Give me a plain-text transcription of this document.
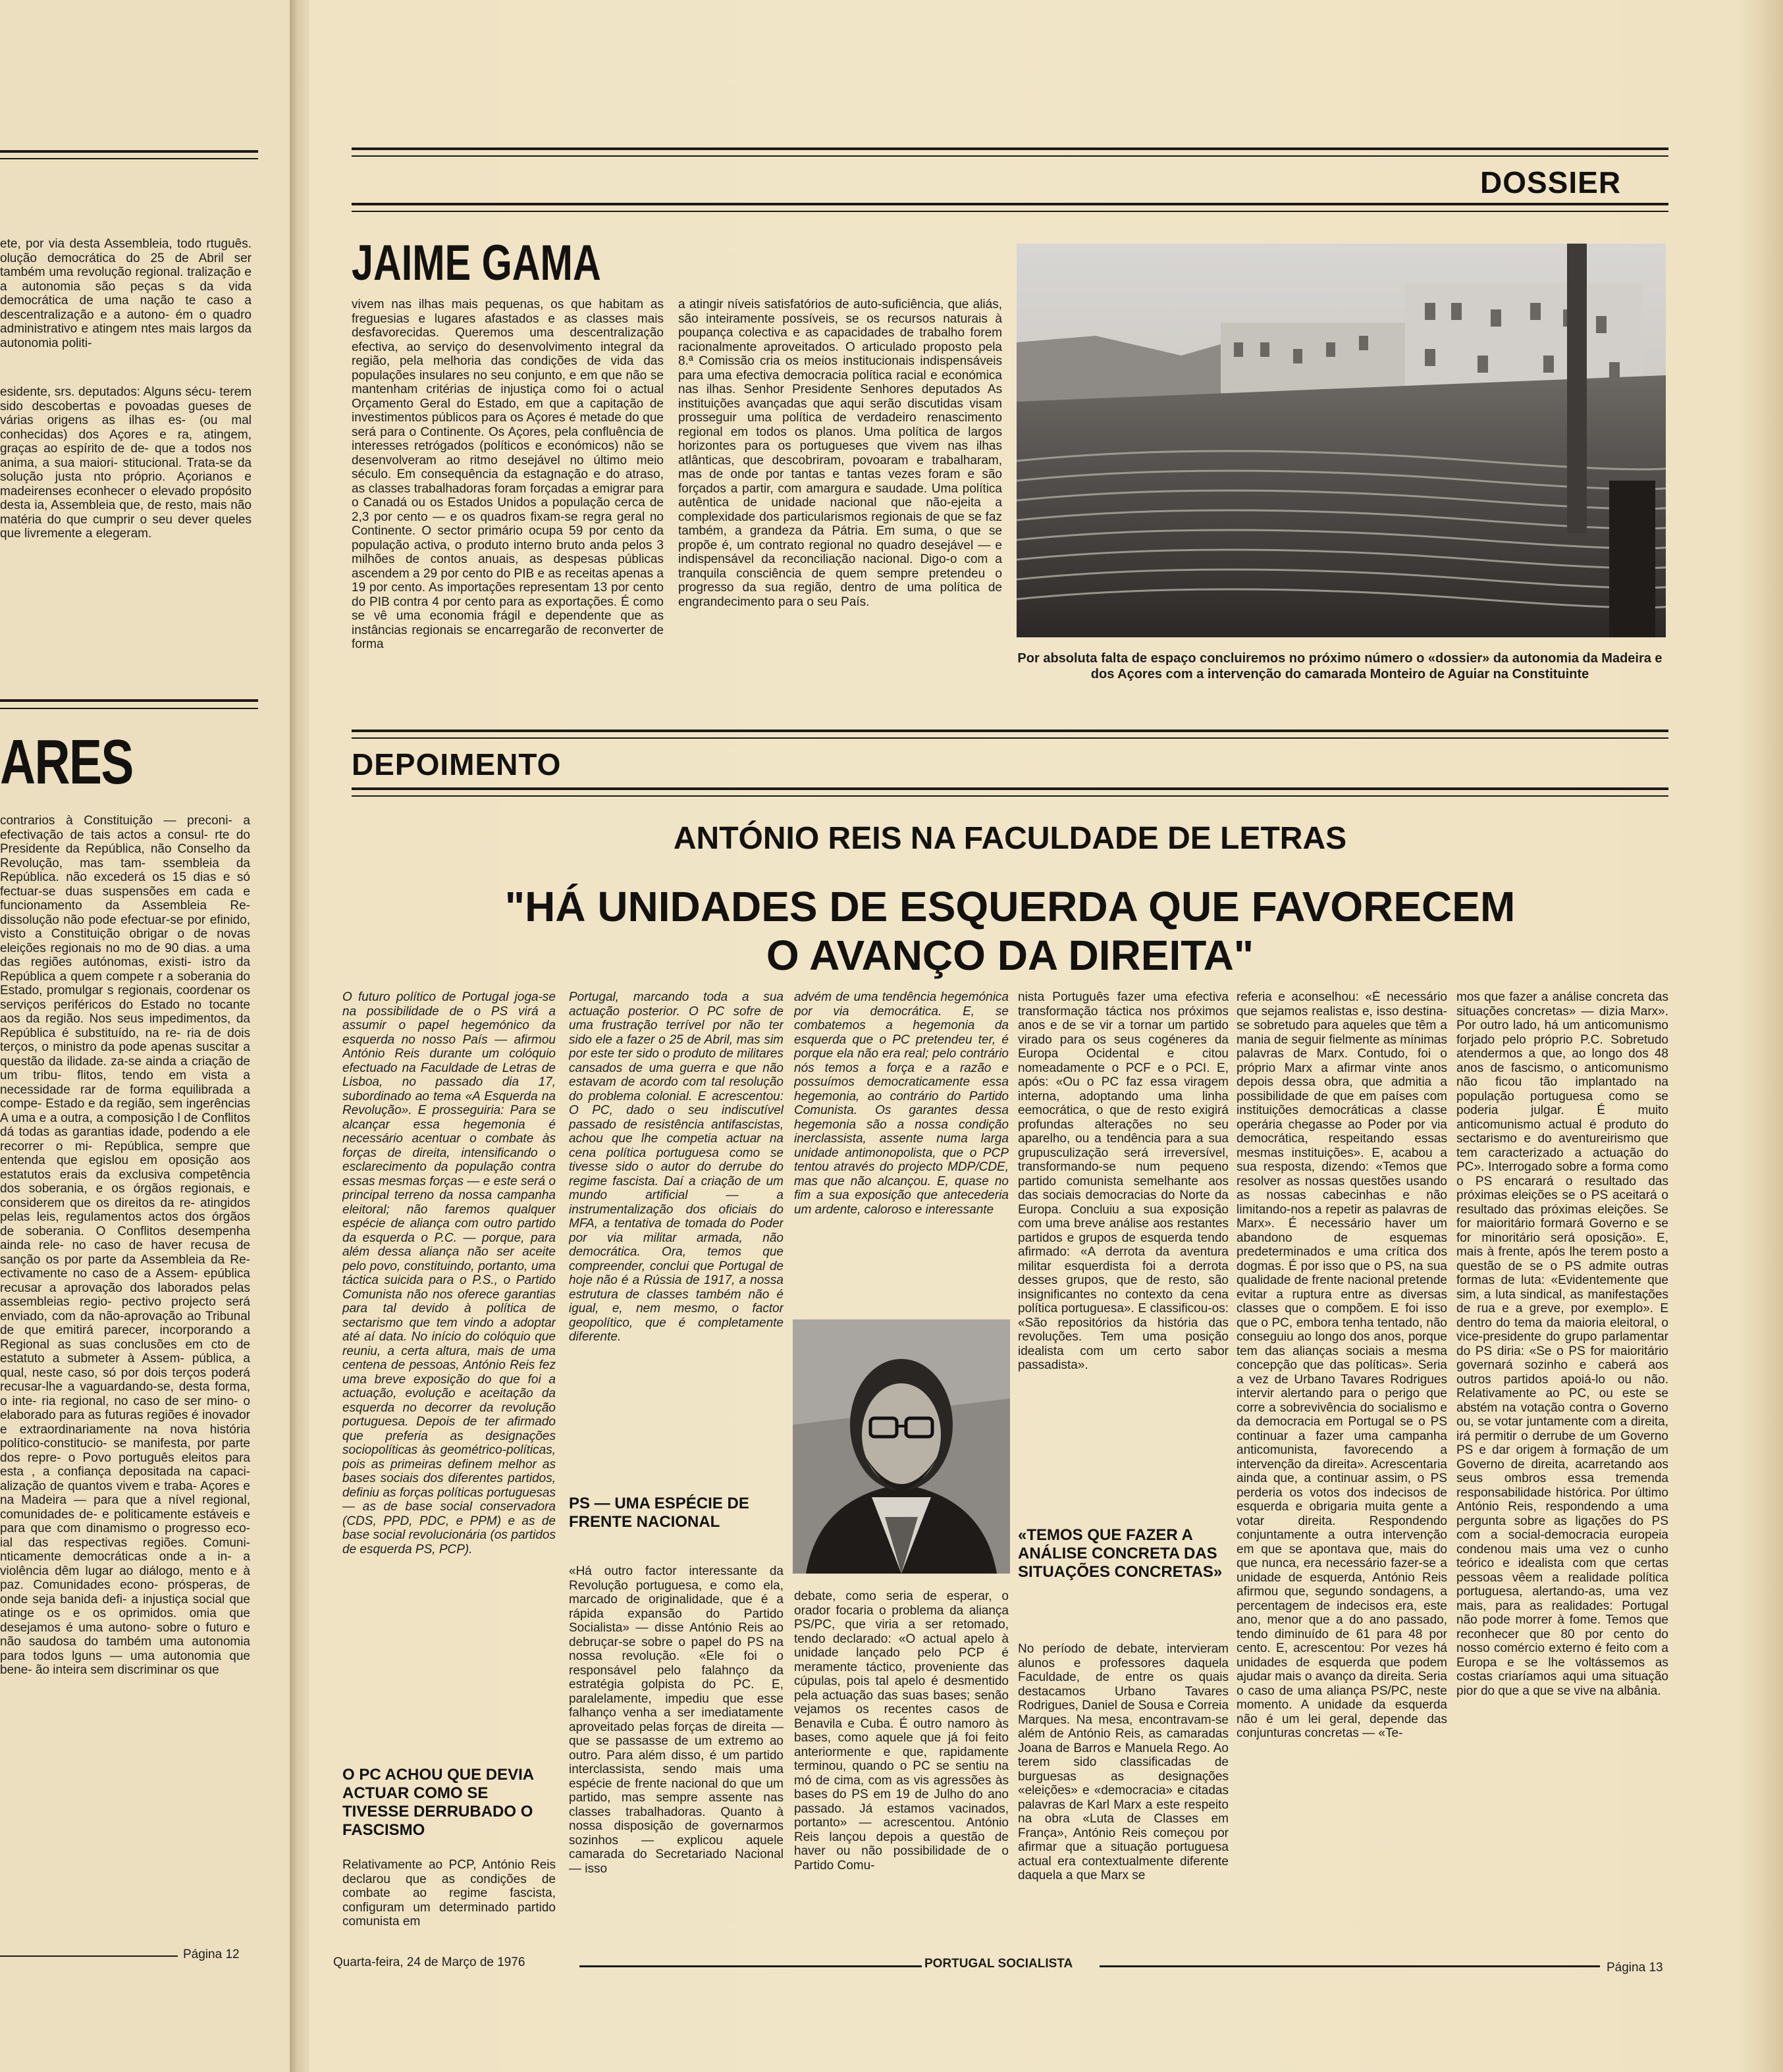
ete, por via desta Assembleia, todo rtuguês. olução democrática do 25 de Abril ser também uma revolução regional. tralização e a autonomia são peças s da vida democrática de uma nação te caso a descentralização e a autono- ém o quadro administrativo e atingem ntes mais largos da autonomia politi-

esidente, srs. deputados: Alguns sécu- terem sido descobertas e povoadas gueses de várias origens as ilhas es- (ou mal conhecidas) dos Açores e ra, atingem, graças ao espírito de de- que a todos nos anima, a sua maiori- stitucional. Trata-se da solução justa nto próprio. Açorianos e madeirenses econhecer o elevado propósito desta ia, Assembleia que, de resto, mais não matéria do que cumprir o seu dever queles que livremente a elegeram.

ARES

contrarios à Constituição — preconi- a efectivação de tais actos a consul- rte do Presidente da República, não Conselho da Revolução, mas tam- ssembleia da República. não excederá os 15 dias e só fectuar-se duas suspensões em cada e funcionamento da Assembleia Re- dissolução não pode efectuar-se por efinido, visto a Constituição obrigar o de novas eleições regionais no mo de 90 dias. a uma das regiões autónomas, existi- istro da República a quem compete r a soberania do Estado, promulgar s regionais, coordenar os serviços periféricos do Estado no tocante aos da região. Nos seus impedimentos, da República é substituído, na re- ria de dois terços, o ministro da pode apenas suscitar a questão da ilidade. za-se ainda a criação de um tribu- flitos, tendo em vista a necessidade rar de forma equilibrada a compe- Estado e da região, sem ingerências A uma e a outra, a composição l de Conflitos dá todas as garantias idade, podendo a ele recorrer o mi- República, sempre que entenda que egislou em oposição aos estatutos erais da exclusiva competência dos soberania, e os órgãos regionais, e considerem que os direitos da re- atingidos pelas leis, regulamentos actos dos órgãos de soberania. O Conflitos desempenha ainda rele- no caso de haver recusa de sanção os por parte da Assembleia da Re- ectivamente no caso de a Assem- epública recusar a aprovação dos laborados pelas assembleias regio- pectivo projecto será enviado, com da não-aprovação ao Tribunal de que emitirá parecer, incorporando a Regional as suas conclusões em cto de estatuto a submeter à Assem- pública, a qual, neste caso, só por dois terços poderá recusar-lhe a vaguardando-se, desta forma, o inte- ria regional, no caso de ser mino- o elaborado para as futuras regiões é inovador e extraordinariamente na nova história político-constitucio- se manifesta, por parte dos repre- o Povo português eleitos para esta , a confiança depositada na capaci- alização de quantos vivem e traba- Açores e na Madeira — para que a nível regional, comunidades de- e politicamente estáveis e para que com dinamismo o progresso eco- ial das respectivas regiões. Comuni- nticamente democráticas onde a in- a violência dêm lugar ao diálogo, mento e à paz. Comunidades econo- prósperas, de onde seja banida defi- a injustiça social que atinge os e os oprimidos. omia que desejamos é uma autono- sobre o futuro e não saudosa do também uma autonomia para todos lguns — uma autonomia que bene- ão inteira sem discriminar os que

Página 12
DOSSIER
JAIME GAMA

vivem nas ilhas mais pequenas, os que habitam as freguesias e lugares afastados e as classes mais desfavorecidas. Queremos uma descentralização efectiva, ao serviço do desenvolvimento integral da região, pela melhoria das condições de vida das populações insulares no seu conjunto, e em que não se mantenham critérias de injustiça como foi o actual Orçamento Geral do Estado, em que a capitação de investimentos públicos para os Açores é metade do que será para o Continente. Os Açores, pela confluência de interesses retrógados (políticos e económicos) não se desenvolveram ao ritmo desejável no último meio século. Em consequência da estagnação e do atraso, as classes trabalhadoras foram forçadas a emigrar para o Canadá ou os Estados Unidos a população cerca de 2,3 por cento — e os quadros fixam-se regra geral no Continente. O sector primário ocupa 59 por cento da população activa, o produto interno bruto anda pelos 3 milhões de contos anuais, as despesas públicas ascendem a 29 por cento do PIB e as receitas apenas a 19 por cento. As importações representam 13 por cento do PIB contra 4 por cento para as exportações. É como se vê uma economia frágil e dependente que as instâncias regionais se encarregarão de reconverter de forma

a atingir níveis satisfatórios de auto-suficiência, que aliás, são inteiramente possíveis, se os recursos naturais à poupança colectiva e as capacidades de trabalho forem racionalmente aproveitados. O articulado proposto pela 8.ª Comissão cria os meios institucionais indispensáveis para uma efectiva democracia política racial e económica nas ilhas. Senhor Presidente Senhores deputados As instituições avançadas que aqui serão discutidas visam prosseguir uma política de verdadeiro renascimento regional em todos os planos. Uma política de largos horizontes para os portugueses que vivem nas ilhas atlânticas, que descobriram, povoaram e trabalharam, mas de onde por tantas e tantas vezes foram e são forçados a partir, com amargura e saudade. Uma política autêntica de unidade nacional que não-ejeita a complexidade dos particularismos regionais de que se faz também, a grandeza da Pátria. Em suma, o que se propõe é, um contrato regional no quadro desejável — e indispensável da reconciliação nacional. Digo-o com a tranquila consciência de quem sempre pretendeu o progresso da sua região, dentro de uma política de engrandecimento para o seu País.

Por absoluta falta de espaço concluiremos no próximo número o «dossier» da autonomia da Madeira e dos Açores com a intervenção do camarada Monteiro de Aguiar na Constituinte

DEPOIMENTO
ANTÓNIO REIS NA FACULDADE DE LETRAS
"HÁ UNIDADES DE ESQUERDA QUE FAVORECEM
O AVANÇO DA DIREITA"

O futuro político de Portugal joga-se na possibilidade de o PS virá a assumir o papel hegemónico da esquerda no nosso País — afirmou António Reis durante um colóquio efectuado na Faculdade de Letras de Lisboa, no passado dia 17, subordinado ao tema «A Esquerda na Revolução». E prosseguiria: Para se alcançar essa hegemonia é necessário acentuar o combate às forças de direita, intensificando o esclarecimento da população contra essas mesmas forças — e este será o principal terreno da nossa campanha eleitoral; não faremos qualquer espécie de aliança com outro partido da esquerda o P.C. — porque, para além dessa aliança não ser aceite pelo povo, constituindo, portanto, uma táctica suicida para o P.S., o Partido Comunista não nos oferece garantias para tal devido à política de sectarismo que tem vindo a adoptar até aí data. No início do colóquio que reuniu, a certa altura, mais de uma centena de pessoas, António Reis fez uma breve exposição do que foi a actuação, evolução e aceitação da esquerda no decorrer da revolução portuguesa. Depois de ter afirmado que preferia as designações sociopolíticas às geométrico-políticas, pois as primeiras definem melhor as bases sociais dos diferentes partidos, definiu as forças políticas portuguesas — as de base social conservadora (CDS, PPD, PDC, e PPM) e as de base social revolucionária (os partidos de esquerda PS, PCP).

O PC ACHOU QUE DEVIA ACTUAR COMO SE TIVESSE DERRUBADO O FASCISMO

Relativamente ao PCP, António Reis declarou que as condições de combate ao regime fascista, configuram um determinado partido comunista em

Portugal, marcando toda a sua actuação posterior. O PC sofre de uma frustração terrível por não ter sido ele a fazer o 25 de Abril, mas sim por este ter sido o produto de militares cansados de uma guerra e que não estavam de acordo com tal resolução do problema colonial. E acrescentou: O PC, dado o seu indiscutível passado de resistência antifascistas, achou que lhe competia actuar na cena política portuguesa como se tivesse sido o autor do derrube do regime fascista. Daí a criação de um mundo artificial — a instrumentalização dos oficiais do MFA, a tentativa de tomada do Poder por via militar armada, não democrática. Ora, temos que compreender, conclui que Portugal de hoje não é a Rússia de 1917, a nossa estrutura de classes também não é igual, e, nem mesmo, o factor geopolítico, que é completamente diferente.

PS — UMA ESPÉCIE DE FRENTE NACIONAL

«Há outro factor interessante da Revolução portuguesa, e como ela, marcado de originalidade, que é a rápida expansão do Partido Socialista» — disse António Reis ao debruçar-se sobre o papel do PS na nossa revolução. «Ele foi o responsável pelo falahnço da estratégia golpista do PC. E, paralelamente, impediu que esse falhanço venha a ser imediatamente aproveitado pelas forças de direita — que se passasse de um extremo ao outro. Para além disso, é um partido interclassista, sendo mais uma espécie de frente nacional do que um partido, mas sempre assente nas classes trabalhadoras. Quanto à nossa disposição de governarmos sozinhos — explicou aquele camarada do Secretariado Nacional — isso

advém de uma tendência hegemónica por via democrática. E, se combatemos a hegemonia da esquerda que o PC pretendeu ter, é porque ela não era real; pelo contrário nós temos a força e a razão e possuímos democraticamente essa hegemonia, ao contrário do Partido Comunista. Os garantes dessa hegemonia são a nossa condição inerclassista, assente numa larga unidade antimonopolista, que o PCP tentou através do projecto MDP/CDE, mas que não alcançou. E, quase no fim a sua exposição que antecederia um ardente, caloroso e interessante

debate, como seria de esperar, o orador focaria o problema da aliança PS/PC, que viria a ser retomado, tendo declarado: «O actual apelo à unidade lançado pelo PCP é meramente táctico, proveniente das cúpulas, pois tal apelo é desmentido pela actuação das suas bases; senão vejamos os recentes casos de Benavila e Cuba. É outro namoro às bases, como aquele que já foi feito anteriormente e que, rapidamente terminou, quando o PC se sentiu na mó de cima, com as vis agressões às bases do PS em 19 de Julho do ano passado. Já estamos vacinados, portanto» — acrescentou. António Reis lançou depois a questão de haver ou não possibilidade de o Partido Comu-

nista Português fazer uma efectiva transformação táctica nos próximos anos e de se vir a tornar um partido virado para os seus cogéneres da Europa Ocidental e citou nomeadamente o PCF e o PCI. E, após: «Ou o PC faz essa viragem interna, adoptando uma linha eemocrática, o que de resto exigirá profundas alterações no seu aparelho, ou a tendência para a sua grupusculização será irreversível, transformando-se num pequeno partido comunista semelhante aos das sociais democracias do Norte da Europa. Concluiu a sua exposição com uma breve análise aos restantes partidos e grupos de esquerda tendo afirmado: «A derrota da aventura militar esquerdista foi a derrota desses grupos, que de resto, são insignificantes no contexto da cena política portuguesa». E classificou-os: «São repositórios da história das revoluções. Tem uma posição idealista com um certo sabor passadista».

«TEMOS QUE FAZER A ANÁLISE CONCRETA DAS SITUAÇÕES CONCRETAS»

No período de debate, intervieram alunos e professores daquela Faculdade, de entre os quais destacamos Urbano Tavares Rodrigues, Daniel de Sousa e Correia Marques. Na mesa, encontravam-se além de António Reis, as camaradas Joana de Barros e Manuela Rego. Ao terem sido classificadas de burguesas as designações «eleições» e «democracia» e citadas palavras de Karl Marx a este respeito na obra «Luta de Classes em França», António Reis começou por afirmar que a situação portuguesa actual era contextualmente diferente daquela a que Marx se

referia e aconselhou: «É necessário que sejamos realistas e, isso destina-se sobretudo para aqueles que têm a mania de seguir fielmente as mínimas palavras de Marx. Contudo, foi o próprio Marx a afirmar vinte anos depois dessa obra, que admitia a possibilidade de que em países com instituições democráticas a classe operária chegasse ao Poder por via democrática, respeitando essas mesmas instituições». E, acabou a sua resposta, dizendo: «Temos que resolver as nossas questões usando as nossas cabecinhas e não limitando-nos a repetir as palavras de Marx». É necessário haver um abandono de esquemas predeterminados e uma crítica dos dogmas. É por isso que o PS, na sua qualidade de frente nacional pretende evitar a ruptura entre as diversas classes que o compõem. E foi isso que o PC, embora tenha tentado, não conseguiu ao longo dos anos, porque tem das alianças sociais a mesma concepção que das políticas». Seria a vez de Urbano Tavares Rodrigues intervir alertando para o perigo que corre a sobrevivência do socialismo e da democracia em Portugal se o PS continuar a fazer uma campanha anticomunista, favorecendo a intervenção da direita». Acrescentaria ainda que, a continuar assim, o PS perderia os votos dos indecisos de esquerda e obrigaria muita gente a votar direita. Respondendo conjuntamente a outra intervenção em que se apontava que, mais do que nunca, era necessário fazer-se a unidade de esquerda, António Reis afirmou que, segundo sondagens, a percentagem de indecisos era, este ano, menor que a do ano passado, tendo diminuído de 61 para 48 por cento. E, acrescentou: Por vezes há unidades de esquerda que podem ajudar mais o avanço da direita. Seria o caso de uma aliança PS/PC, neste momento. A unidade da esquerda não é um lei geral, depende das conjunturas concretas — «Te-

mos que fazer a análise concreta das situações concretas» — dizia Marx». Por outro lado, há um anticomunismo forjado pelo próprio P.C. Sobretudo atendermos a que, ao longo dos 48 anos de fascismo, o anticomunismo não ficou tão implantado na população portuguesa como se poderia julgar. É muito anticomunismo actual é produto do sectarismo e do aventureirismo que tem caracterizado a actuação do PC». Interrogado sobre a forma como o PS encarará o resultado das próximas eleições se o PS aceitará o resultado das próximas eleições. Se for maioritário formará Governo e se for minoritário será oposição». E, mais à frente, após lhe terem posto a questão de se o PS admite outras formas de luta: «Evidentemente que sim, a luta sindical, as manifestações de rua e a greve, por exemplo». E dentro do tema da maioria eleitoral, o vice-presidente do grupo parlamentar do PS diria: «Se o PS for maioritário governará sozinho e caberá aos outros partidos apoiá-lo ou não. Relativamente ao PC, ou este se abstém na votação contra o Governo ou, se votar juntamente com a direita, irá permitir o derrube de um Governo PS e dar origem à formação de um Governo de direita, acarretando aos seus ombros essa tremenda responsabilidade histórica. Por último António Reis, respondendo a uma pergunta sobre as ligações do PS com a social-democracia europeia condenou mais uma vez o cunho teórico e idealista com que certas pessoas vêem a realidade política portuguesa, alertando-as, uma vez mais, para as realidades: Portugal não pode morrer à fome. Temos que reconhecer que 80 por cento do nosso comércio externo é feito com a Europa e se lhe voltássemos as costas criaríamos aqui uma situação pior do que a que se vive na albânia.

Quarta-feira, 24 de Março de 1976	PORTUGAL SOCIALISTA	Página 13
